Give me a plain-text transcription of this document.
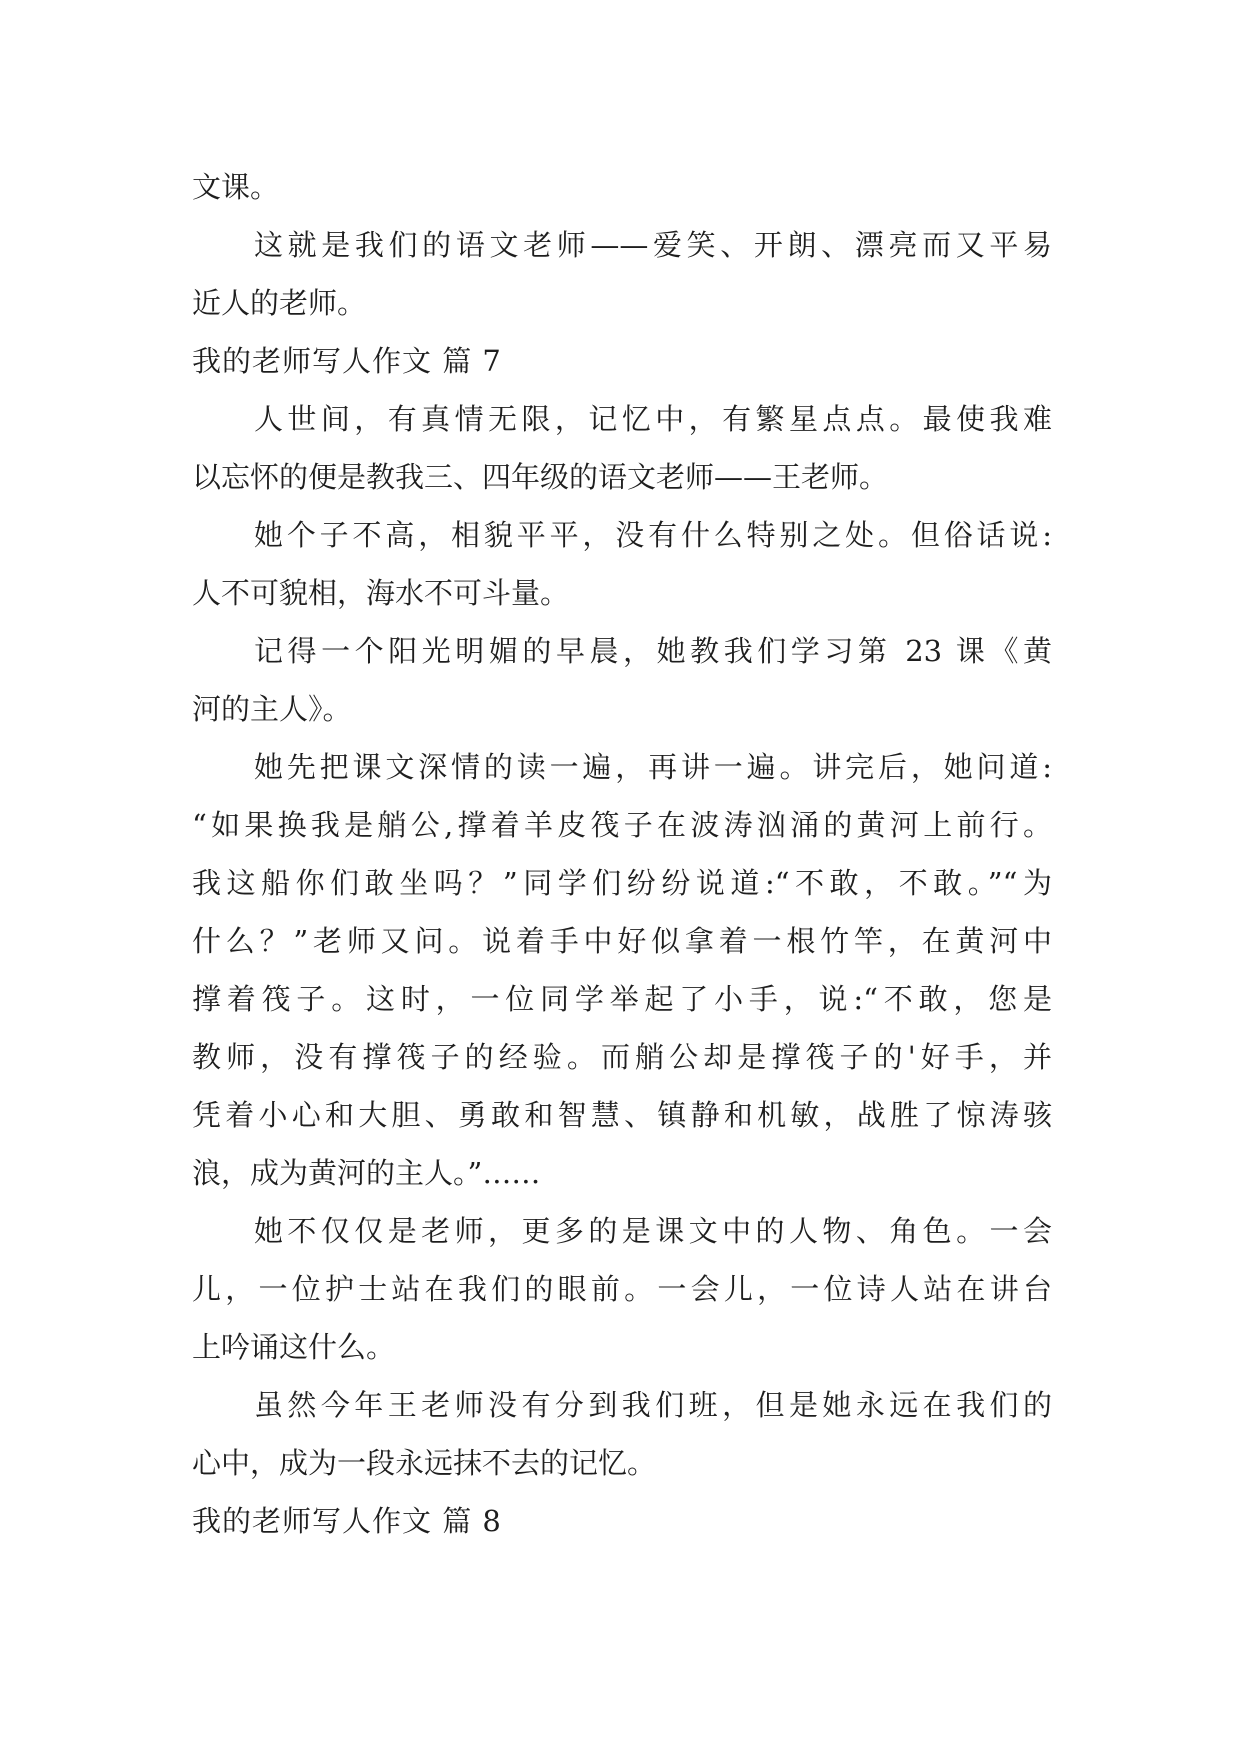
文课。
这就是我们的语文老师——爱笑、开朗、漂亮而又平易
近人的老师。
我的老师写人作文 篇 7
人世间，有真情无限，记忆中，有繁星点点。最使我难
以忘怀的便是教我三、四年级的语文老师——王老师。
她个子不高，相貌平平，没有什么特别之处。但俗话说:
人不可貌相，海水不可斗量。
记得一个阳光明媚的早晨，她教我们学习第 23 课《黄
河的主人》。
她先把课文深情的读一遍，再讲一遍。讲完后，她问道:
“如果换我是艄公,撑着羊皮筏子在波涛汹涌的黄河上前行。
我这船你们敢坐吗？”同学们纷纷说道:“不敢，不敢。”“为
什么？”老师又问。说着手中好似拿着一根竹竿，在黄河中
撑着筏子。这时，一位同学举起了小手，说:“不敢，您是
教师，没有撑筏子的经验。而艄公却是撑筏子的'好手，并
凭着小心和大胆、勇敢和智慧、镇静和机敏，战胜了惊涛骇
浪，成为黄河的主人。”……
她不仅仅是老师，更多的是课文中的人物、角色。一会
儿，一位护士站在我们的眼前。一会儿，一位诗人站在讲台
上吟诵这什么。
虽然今年王老师没有分到我们班，但是她永远在我们的
心中，成为一段永远抹不去的记忆。
我的老师写人作文 篇 8
